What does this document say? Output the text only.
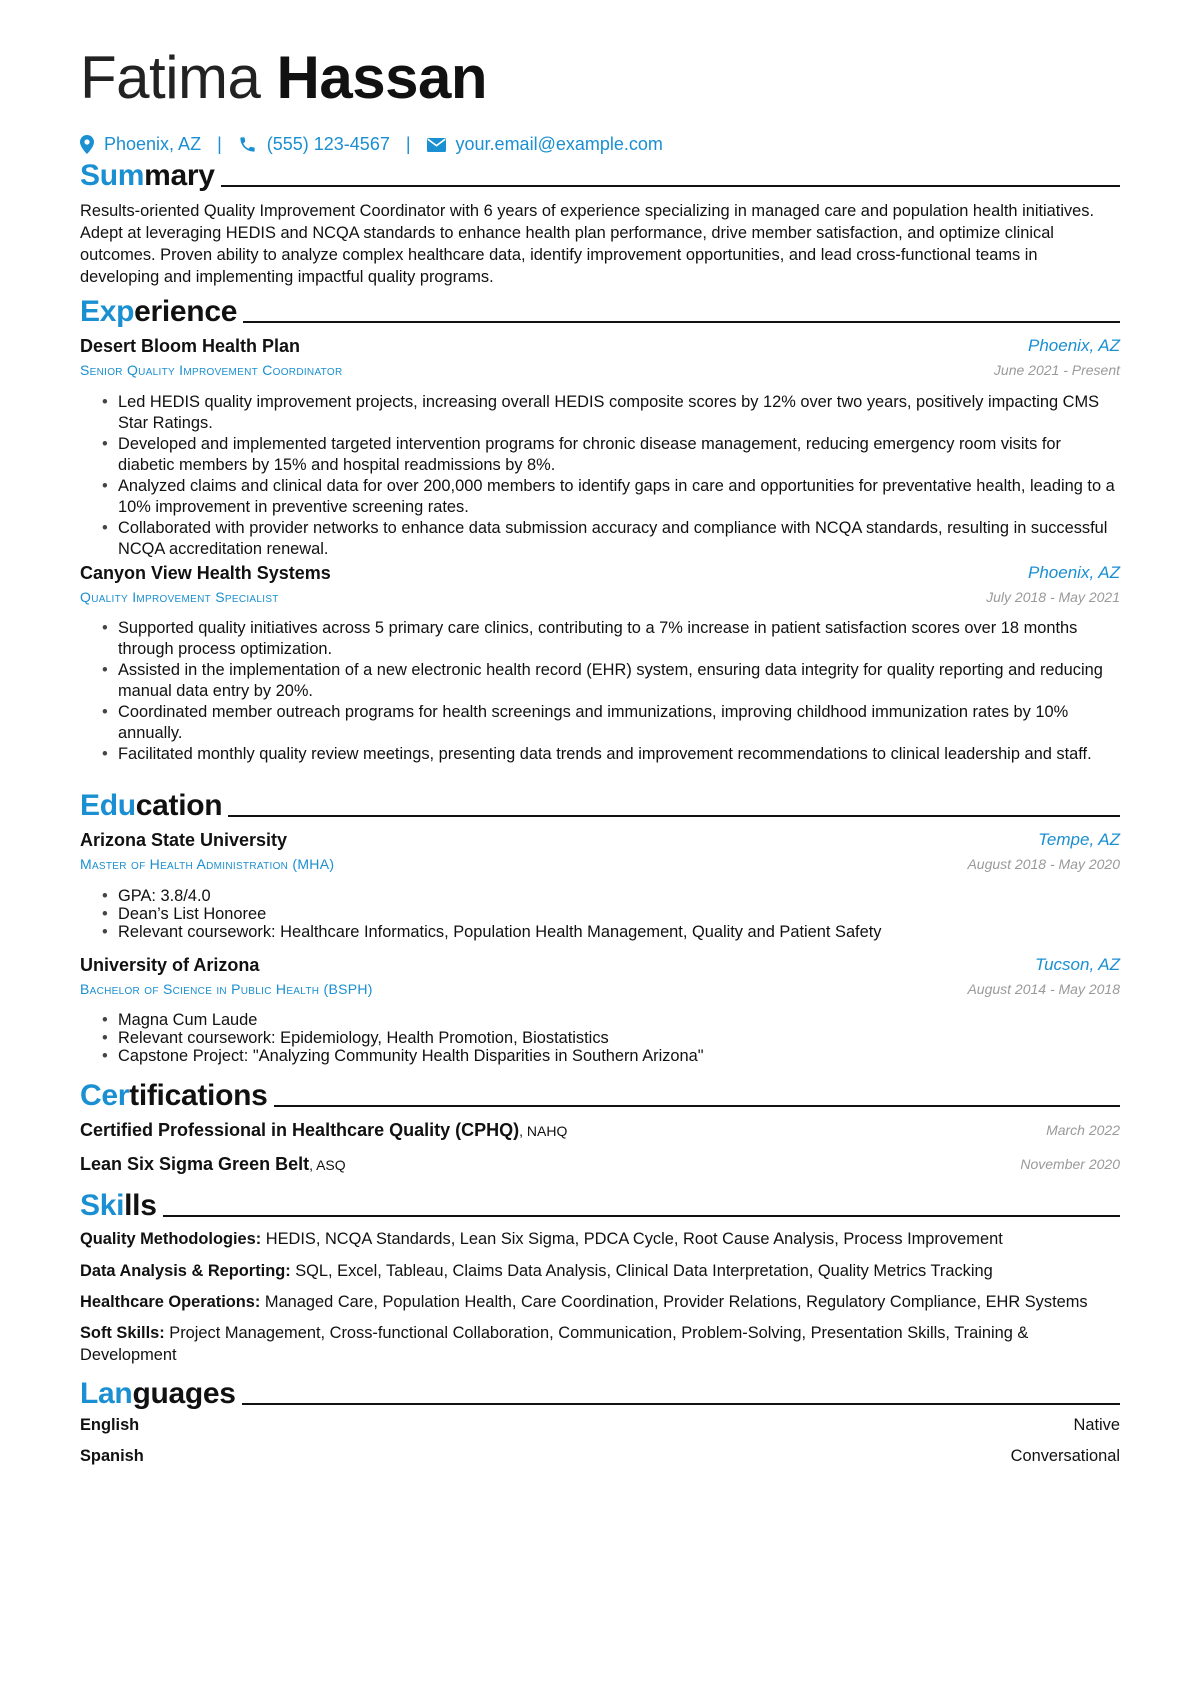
Fatima Hassan
Phoenix, AZ |	(555) 123-4567 |	your.email@example.com
Summary
Results-oriented Quality Improvement Coordinator with 6 years of experience specializing in managed care and population health initiatives. Adept at leveraging HEDIS and NCQA standards to enhance health plan performance, drive member satisfaction, and optimize clinical outcomes. Proven ability to analyze complex healthcare data, identify improvement opportunities, and lead cross-functional teams in developing and implementing impactful quality programs.
Experience
Desert Bloom Health Plan	Phoenix, AZ
Senior Quality Improvement Coordinator	June 2021 - Present
• Led HEDIS quality improvement projects, increasing overall HEDIS composite scores by 12% over two years, positively impacting CMS Star Ratings.
• Developed and implemented targeted intervention programs for chronic disease management, reducing emergency room visits for diabetic members by 15% and hospital readmissions by 8%.
• Analyzed claims and clinical data for over 200,000 members to identify gaps in care and opportunities for preventative health, leading to a 10% improvement in preventive screening rates.
• Collaborated with provider networks to enhance data submission accuracy and compliance with NCQA standards, resulting in successful NCQA accreditation renewal.
Canyon View Health Systems	Phoenix, AZ
Quality Improvement Specialist	July 2018 - May 2021
• Supported quality initiatives across 5 primary care clinics, contributing to a 7% increase in patient satisfaction scores over 18 months through process optimization.
• Assisted in the implementation of a new electronic health record (EHR) system, ensuring data integrity for quality reporting and reducing manual data entry by 20%.
• Coordinated member outreach programs for health screenings and immunizations, improving childhood immunization rates by 10% annually.
• Facilitated monthly quality review meetings, presenting data trends and improvement recommendations to clinical leadership and staff.
Education
Arizona State University	Tempe, AZ
Master of Health Administration (MHA)	August 2018 - May 2020
• GPA: 3.8/4.0
• Dean’s List Honoree
• Relevant coursework: Healthcare Informatics, Population Health Management, Quality and Patient Safety
University of Arizona	Tucson, AZ
Bachelor of Science in Public Health (BSPH)	August 2014 - May 2018
• Magna Cum Laude
• Relevant coursework: Epidemiology, Health Promotion, Biostatistics
• Capstone Project: "Analyzing Community Health Disparities in Southern Arizona"
Certifications
Certified Professional in Healthcare Quality (CPHQ), NAHQ	March 2022
Lean Six Sigma Green Belt, ASQ	November 2020
Skills
Quality Methodologies: HEDIS, NCQA Standards, Lean Six Sigma, PDCA Cycle, Root Cause Analysis, Process Improvement
Data Analysis & Reporting: SQL, Excel, Tableau, Claims Data Analysis, Clinical Data Interpretation, Quality Metrics Tracking
Healthcare Operations: Managed Care, Population Health, Care Coordination, Provider Relations, Regulatory Compliance, EHR Systems
Soft Skills: Project Management, Cross-functional Collaboration, Communication, Problem-Solving, Presentation Skills, Training & Development
Languages
English	Native
Spanish	Conversational
